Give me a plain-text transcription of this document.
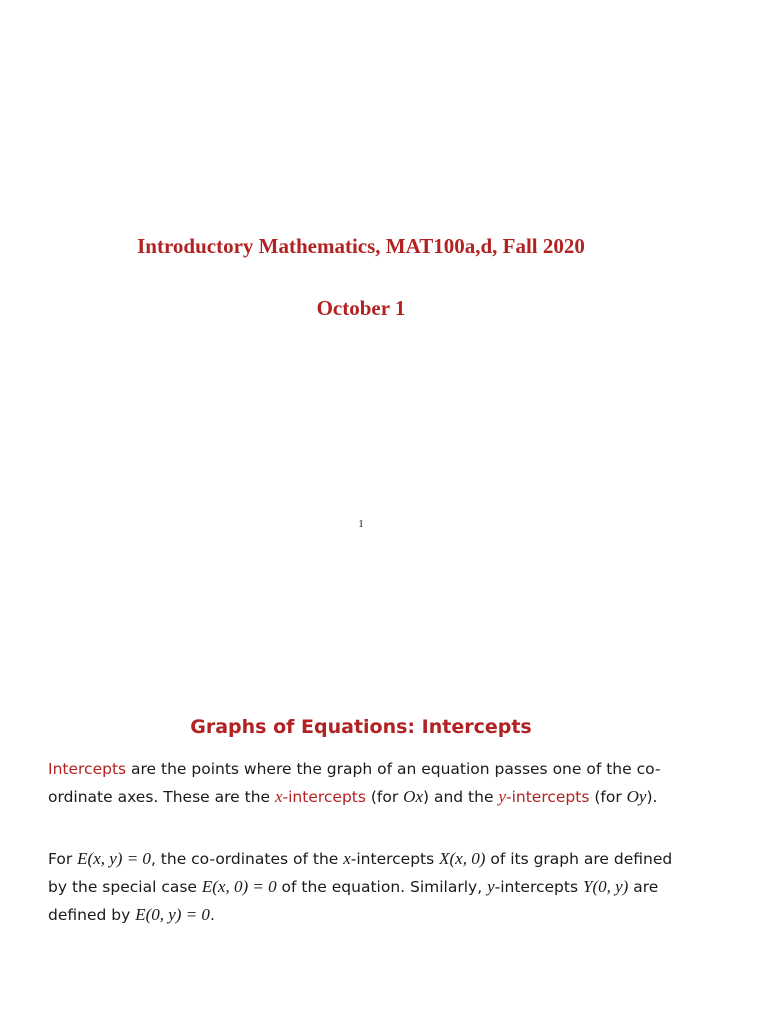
Introductory Mathematics, MAT100a,d, Fall 2020
October 1
1
Graphs of Equations: Intercepts

Intercepts are the points where the graph of an equation passes one of the co-ordinate axes. These are the x-intercepts (for Ox) and the y-intercepts (for Oy).

For E(x, y) = 0, the co-ordinates of the x-intercepts X(x, 0) of its graph are defined by the special case E(x, 0) = 0 of the equation. Similarly, y-intercepts Y(0, y) are defined by E(0, y) = 0.
